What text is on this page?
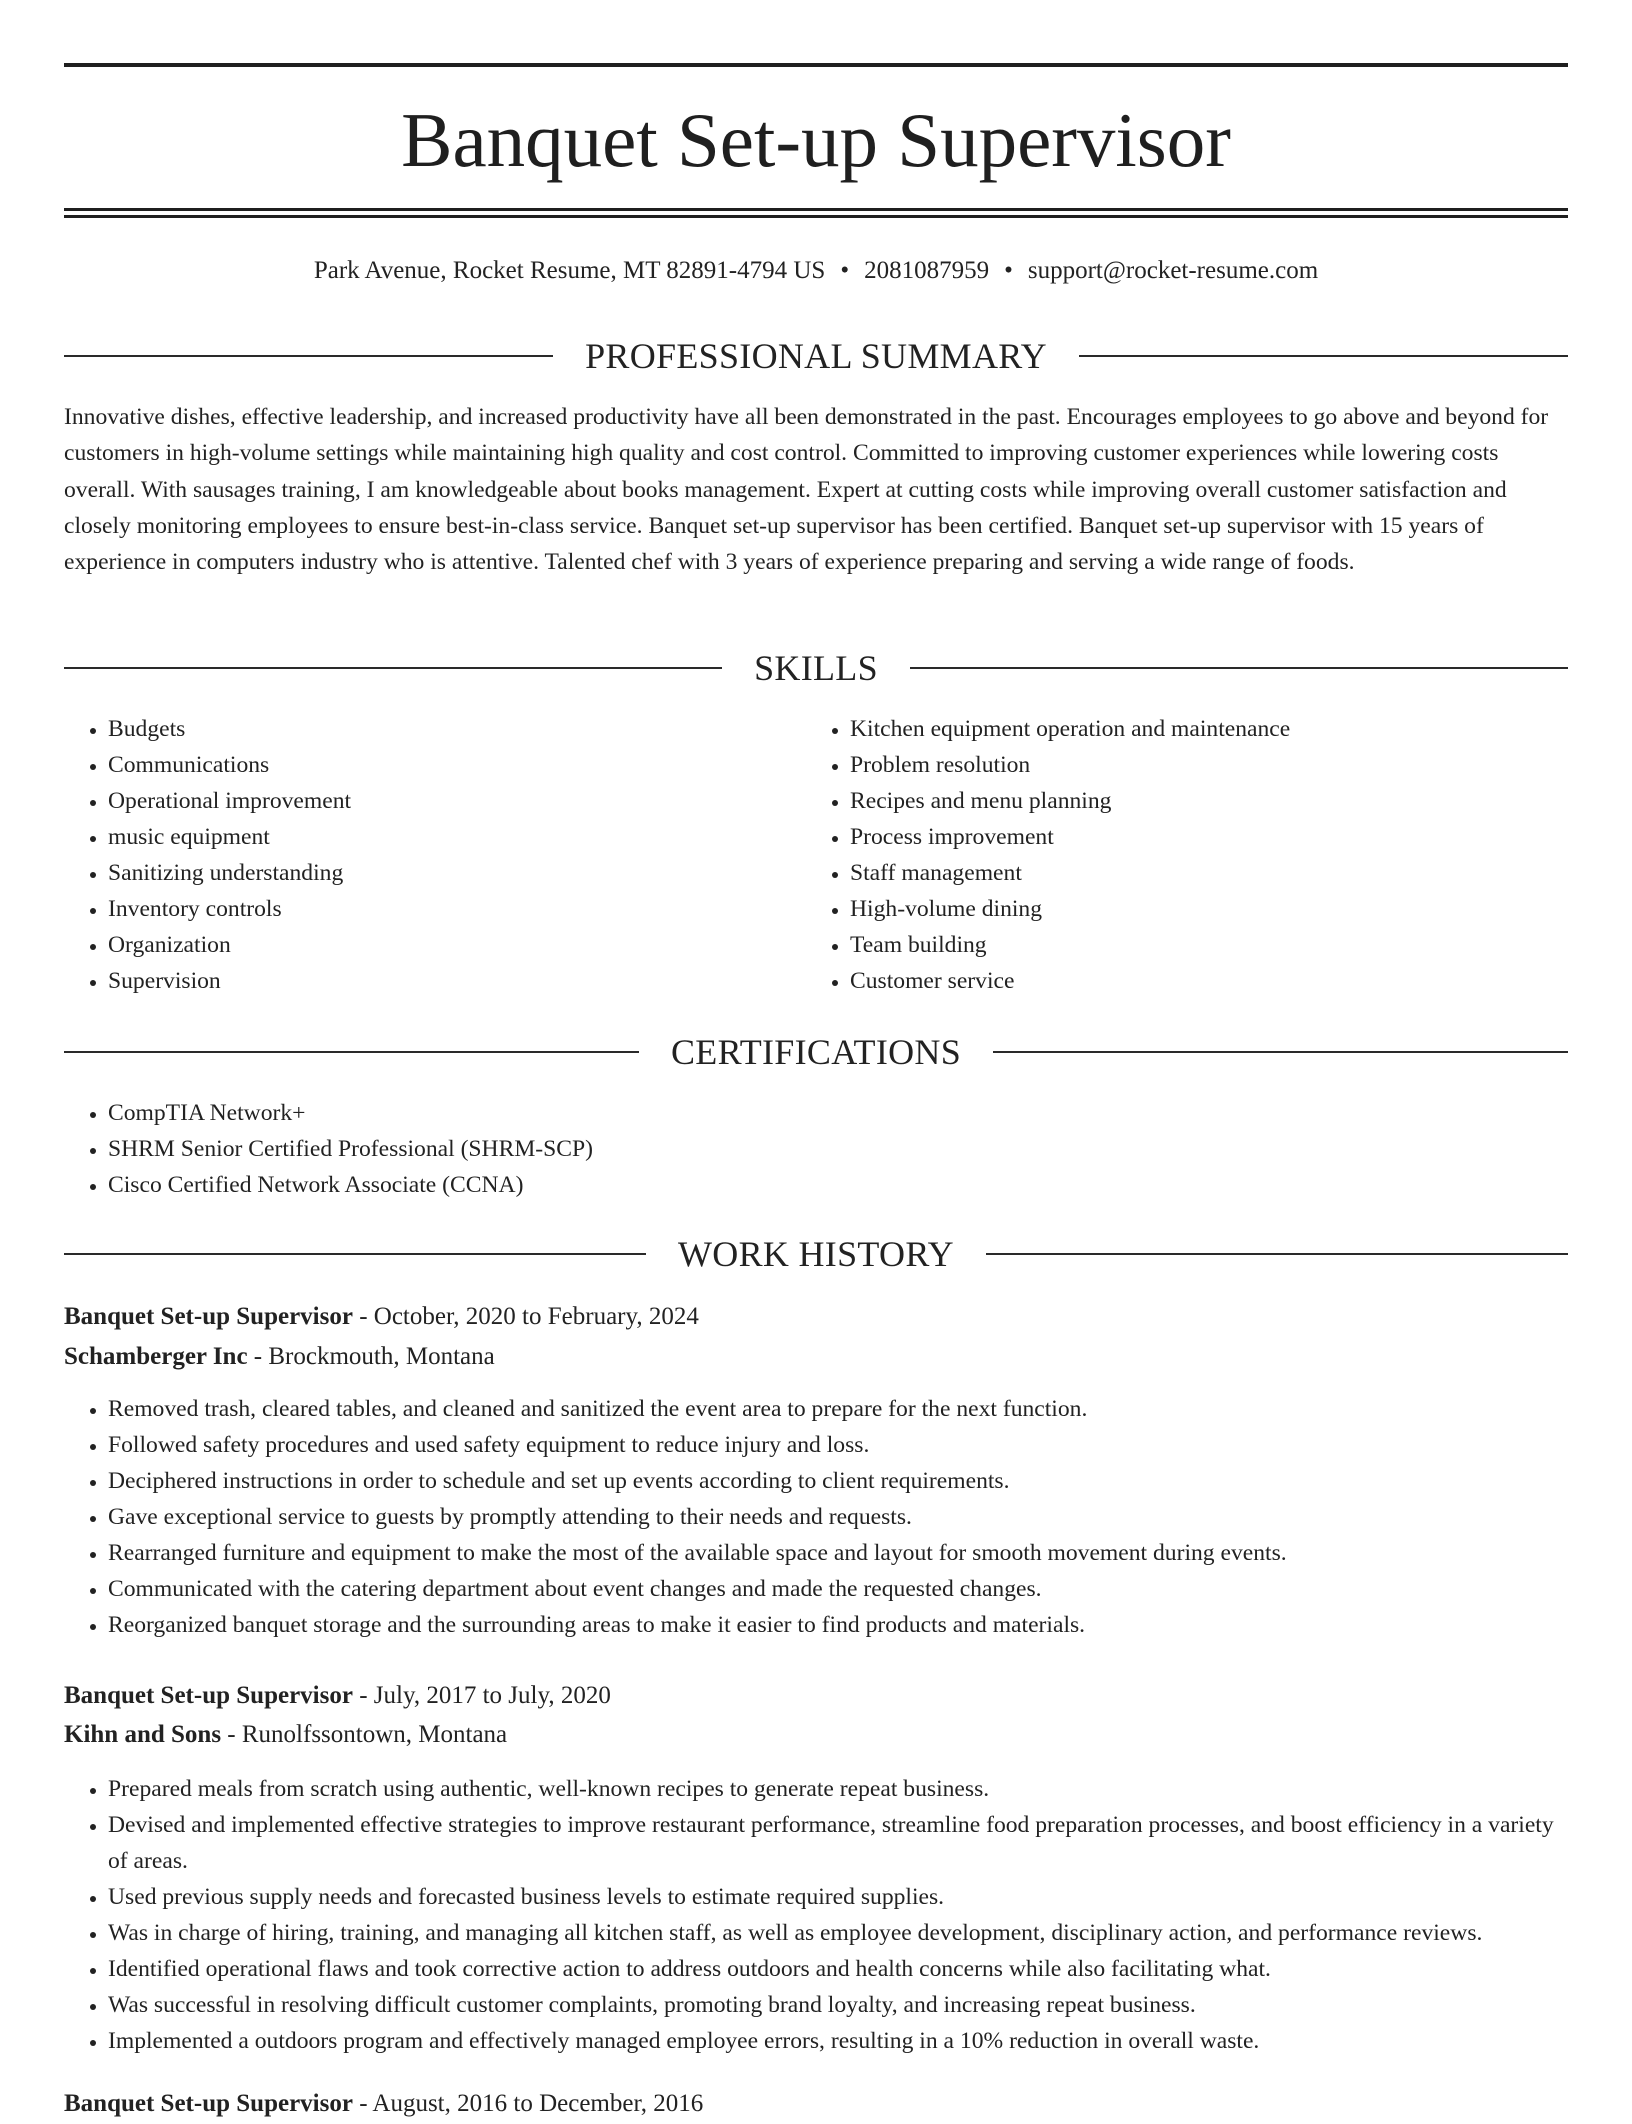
Banquet Set-up Supervisor
Park Avenue, Rocket Resume, MT 82891-4794 US • 2081087959 • support@rocket-resume.com
PROFESSIONAL SUMMARY

Innovative dishes, effective leadership, and increased productivity have all been demonstrated in the past. Encourages employees to go above and beyond for customers in high-volume settings while maintaining high quality and cost control. Committed to improving customer experiences while lowering costs overall. With sausages training, I am knowledgeable about books management. Expert at cutting costs while improving overall customer satisfaction and closely monitoring employees to ensure best-in-class service. Banquet set-up supervisor has been certified. Banquet set-up supervisor with 15 years of experience in computers industry who is attentive. Talented chef with 3 years of experience preparing and serving a wide range of foods.

SKILLS
• Budgets
• Communications
• Operational improvement
• music equipment
• Sanitizing understanding
• Inventory controls
• Organization
• Supervision
• Kitchen equipment operation and maintenance
• Problem resolution
• Recipes and menu planning
• Process improvement
• Staff management
• High-volume dining
• Team building
• Customer service
CERTIFICATIONS
• CompTIA Network+
• SHRM Senior Certified Professional (SHRM-SCP)
• Cisco Certified Network Associate (CCNA)
WORK HISTORY
Banquet Set-up Supervisor - October, 2020 to February, 2024
Schamberger Inc - Brockmouth, Montana
• Removed trash, cleared tables, and cleaned and sanitized the event area to prepare for the next function.
• Followed safety procedures and used safety equipment to reduce injury and loss.
• Deciphered instructions in order to schedule and set up events according to client requirements.
• Gave exceptional service to guests by promptly attending to their needs and requests.
• Rearranged furniture and equipment to make the most of the available space and layout for smooth movement during events.
• Communicated with the catering department about event changes and made the requested changes.
• Reorganized banquet storage and the surrounding areas to make it easier to find products and materials.
Banquet Set-up Supervisor - July, 2017 to July, 2020
Kihn and Sons - Runolfssontown, Montana
• Prepared meals from scratch using authentic, well-known recipes to generate repeat business.
• Devised and implemented effective strategies to improve restaurant performance, streamline food preparation processes, and boost efficiency in a variety of areas.
• Used previous supply needs and forecasted business levels to estimate required supplies.
• Was in charge of hiring, training, and managing all kitchen staff, as well as employee development, disciplinary action, and performance reviews.
• Identified operational flaws and took corrective action to address outdoors and health concerns while also facilitating what.
• Was successful in resolving difficult customer complaints, promoting brand loyalty, and increasing repeat business.
• Implemented a outdoors program and effectively managed employee errors, resulting in a 10% reduction in overall waste.
Banquet Set-up Supervisor - August, 2016 to December, 2016
